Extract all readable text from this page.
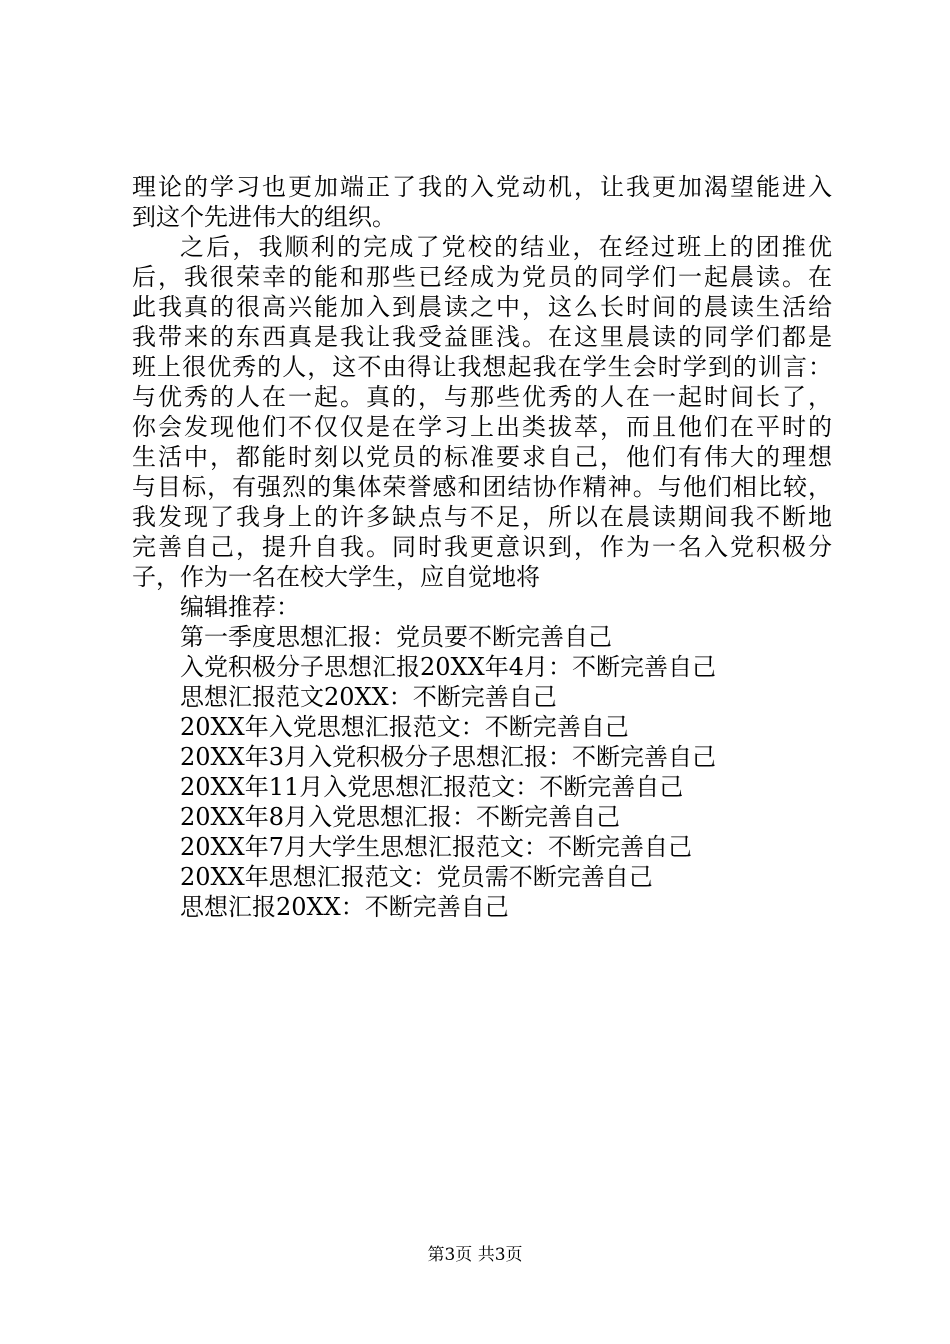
理论的学习也更加端正了我的入党动机，让我更加渴望能进入
到这个先进伟大的组织。
之后，我顺利的完成了党校的结业，在经过班上的团推优
后，我很荣幸的能和那些已经成为党员的同学们一起晨读。在
此我真的很高兴能加入到晨读之中，这么长时间的晨读生活给
我带来的东西真是我让我受益匪浅。在这里晨读的同学们都是
班上很优秀的人，这不由得让我想起我在学生会时学到的训言：
与优秀的人在一起。真的，与那些优秀的人在一起时间长了，
你会发现他们不仅仅是在学习上出类拔萃，而且他们在平时的
生活中，都能时刻以党员的标准要求自己，他们有伟大的理想
与目标，有强烈的集体荣誉感和团结协作精神。与他们相比较，
我发现了我身上的许多缺点与不足，所以在晨读期间我不断地
完善自己，提升自我。同时我更意识到，作为一名入党积极分
子，作为一名在校大学生，应自觉地将
编辑推荐：
第一季度思想汇报：党员要不断完善自己
入党积极分子思想汇报20XX年4月：不断完善自己
思想汇报范文20XX：不断完善自己
20XX年入党思想汇报范文：不断完善自己
20XX年3月入党积极分子思想汇报：不断完善自己
20XX年11月入党思想汇报范文：不断完善自己
20XX年8月入党思想汇报：不断完善自己
20XX年7月大学生思想汇报范文：不断完善自己
20XX年思想汇报范文：党员需不断完善自己
思想汇报20XX：不断完善自己
第3页 共3页
